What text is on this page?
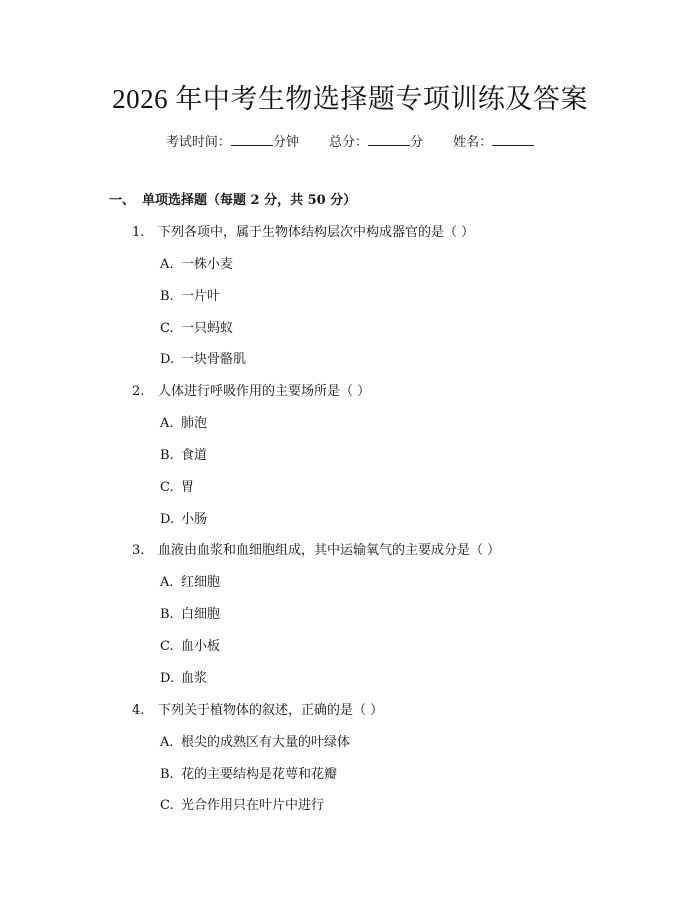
2026 年中考生物选择题专项训练及答案
考试时间：	分钟 总分：	分 姓名：
一、 单项选择题（每题 2 分，共 50 分）
1. 下列各项中，属于生物体结构层次中构成器官的是（ ）
A. 一株小麦
B. 一片叶
C. 一只蚂蚁
D. 一块骨骼肌
2. 人体进行呼吸作用的主要场所是（ ）
A. 肺泡
B. 食道
C. 胃
D. 小肠
3. 血液由血浆和血细胞组成，其中运输氧气的主要成分是（ ）
A. 红细胞
B. 白细胞
C. 血小板
D. 血浆
4. 下列关于植物体的叙述，正确的是（ ）
A. 根尖的成熟区有大量的叶绿体
B. 花的主要结构是花萼和花瓣
C. 光合作用只在叶片中进行
